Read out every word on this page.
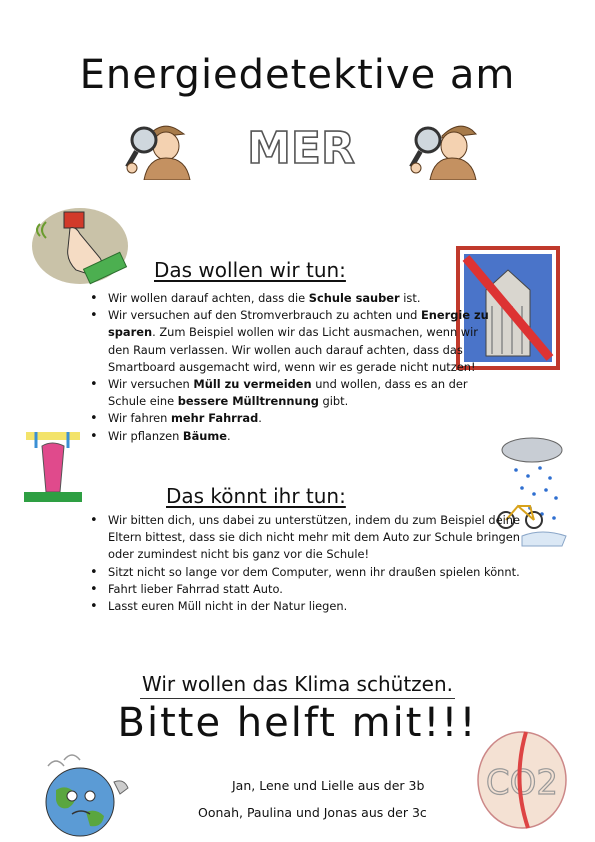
Energiedetektive am
MER
Das wollen wir tun:
• Wir wollen darauf achten, dass die Schule sauber ist.
• Wir versuchen auf den Stromverbrauch zu achten und Energie zu sparen. Zum Beispiel wollen wir das Licht ausmachen, wenn wir den Raum verlassen. Wir wollen auch darauf achten, dass das Smartboard ausgemacht wird, wenn wir es gerade nicht nutzen!
• Wir versuchen Müll zu vermeiden und wollen, dass es an der Schule eine bessere Mülltrennung gibt.
• Wir fahren mehr Fahrrad.
• Wir pflanzen Bäume.
Das könnt ihr tun:
• Wir bitten dich, uns dabei zu unterstützen, indem du zum Beispiel deine Eltern bittest, dass sie dich nicht mehr mit dem Auto zur Schule bringen oder zumindest nicht bis ganz vor die Schule!
• Sitzt nicht so lange vor dem Computer, wenn ihr draußen spielen könnt.
• Fahrt lieber Fahrrad statt Auto.
• Lasst euren Müll nicht in der Natur liegen.
Wir wollen das Klima schützen.
Bitte helft mit!!!
CO2
Jan, Lene und Lielle aus der 3b
Oonah, Paulina und Jonas aus der 3c
